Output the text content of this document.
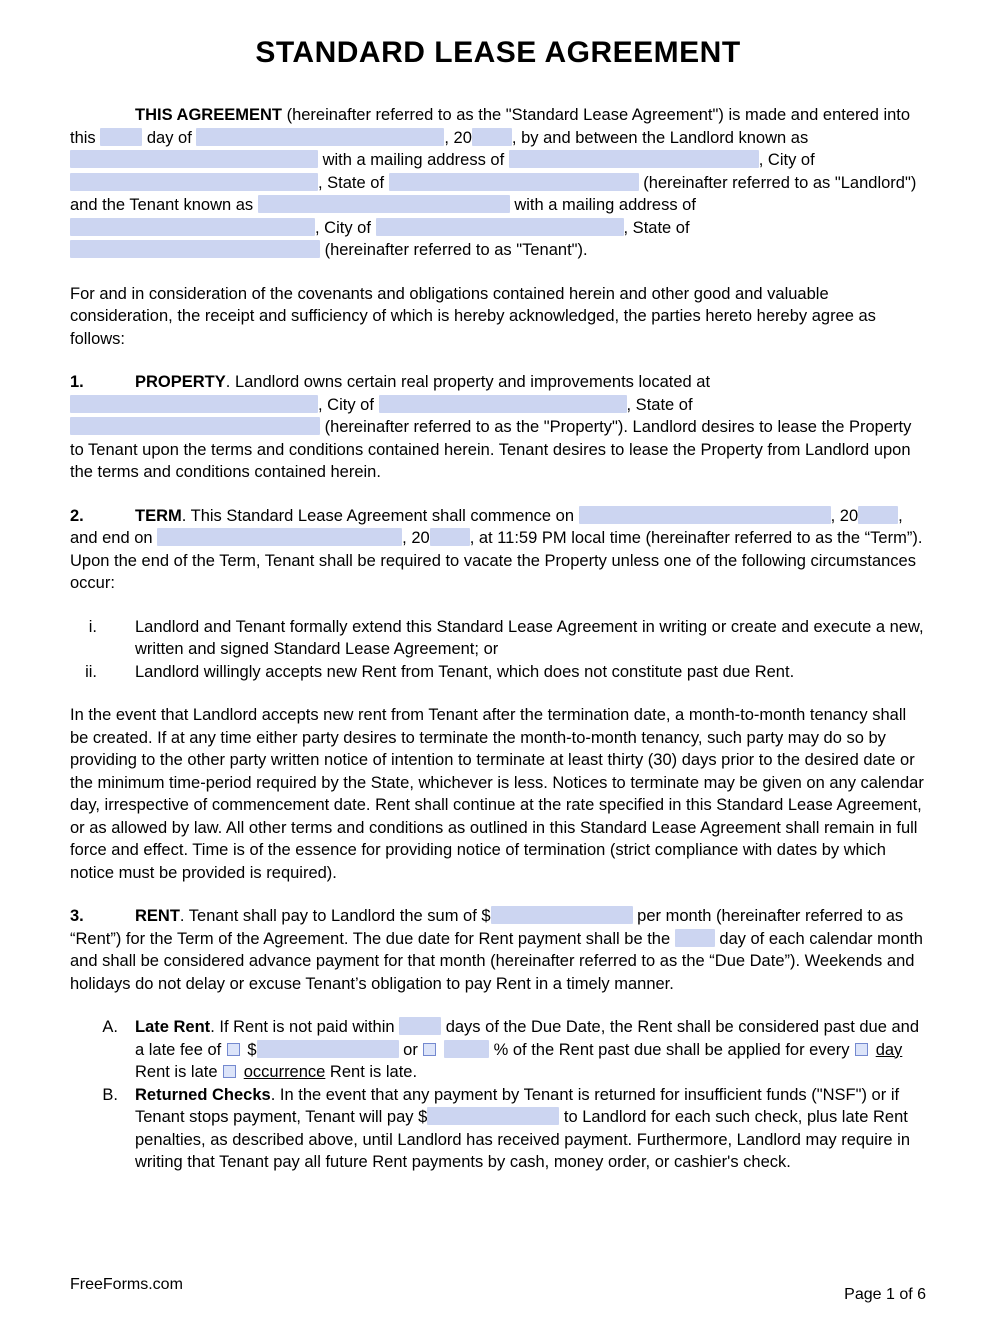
STANDARD LEASE AGREEMENT

THIS AGREEMENT (hereinafter referred to as the "Standard Lease Agreement") is made and entered into this	day of	, 20 , by and between the Landlord known as  with a mailing address of	, City of , State of	(hereinafter referred to as "Landlord") and the Tenant known as	with a mailing address of , City of	, State of  (hereinafter referred to as "Tenant").

For and in consideration of the covenants and obligations contained herein and other good and valuable consideration, the receipt and sufficiency of which is hereby acknowledged, the parties hereto hereby agree as follows:

1.	PROPERTY. Landlord owns certain real property and improvements located at , City of	, State of  (hereinafter referred to as the "Property"). Landlord desires to lease the Property to Tenant upon the terms and conditions contained herein. Tenant desires to lease the Property from Landlord upon the terms and conditions contained herein.

2.	TERM. This Standard Lease Agreement shall commence on	, 20 , and end on	, 20 , at 11:59 PM local time (hereinafter referred to as the “Term”). Upon the end of the Term, Tenant shall be required to vacate the Property unless one of the following circumstances occur:

i. Landlord and Tenant formally extend this Standard Lease Agreement in writing or create and execute a new, written and signed Standard Lease Agreement; or
ii. Landlord willingly accepts new Rent from Tenant, which does not constitute past due Rent.

In the event that Landlord accepts new rent from Tenant after the termination date, a month-to-month tenancy shall be created. If at any time either party desires to terminate the month-to-month tenancy, such party may do so by providing to the other party written notice of intention to terminate at least thirty (30) days prior to the desired date or the minimum time-period required by the State, whichever is less. Notices to terminate may be given on any calendar day, irrespective of commencement date. Rent shall continue at the rate specified in this Standard Lease Agreement, or as allowed by law. All other terms and conditions as outlined in this Standard Lease Agreement shall remain in full force and effect. Time is of the essence for providing notice of termination (strict compliance with dates by which notice must be provided is required).

3.	RENT. Tenant shall pay to Landlord the sum of $	per month (hereinafter referred to as “Rent”) for the Term of the Agreement. The due date for Rent payment shall be the  day of each calendar month and shall be considered advance payment for that month (hereinafter referred to as the “Due Date”). Weekends and holidays do not delay or excuse Tenant’s obligation to pay Rent in a timely manner.

A. Late Rent. If Rent is not paid within	days of the Due Date, the Rent shall be considered past due and a late fee of  $	or	% of the Rent past due shall be applied for every  day Rent is late  occurrence Rent is late.
B. Returned Checks. In the event that any payment by Tenant is returned for insufficient funds ("NSF") or if Tenant stops payment, Tenant will pay $	to Landlord for each such check, plus late Rent penalties, as described above, until Landlord has received payment. Furthermore, Landlord may require in writing that Tenant pay all future Rent payments by cash, money order, or cashier's check.
FreeForms.com
Page 1 of 6
